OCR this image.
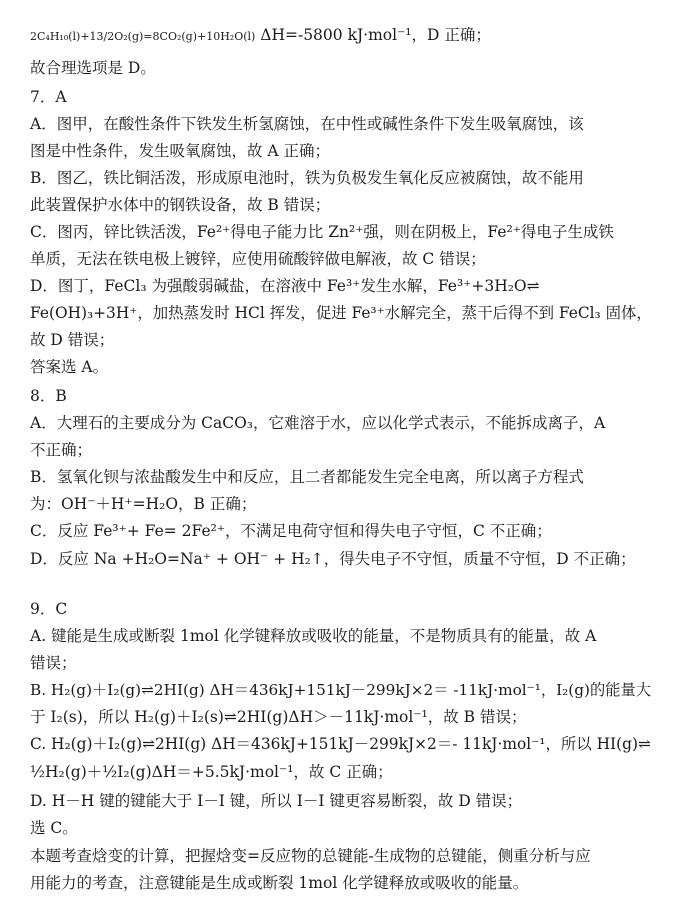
2C₄H₁₀(l)+13/2O₂(g)=8CO₂(g)+10H₂O(l) ΔH=-5800 kJ·mol⁻¹，D 正确；
故合理选项是 D。
7．A
A．图甲，在酸性条件下铁发生析氢腐蚀，在中性或碱性条件下发生吸氧腐蚀，该
图是中性条件，发生吸氧腐蚀，故 A 正确；
B．图乙，铁比铜活泼，形成原电池时，铁为负极发生氧化反应被腐蚀，故不能用
此装置保护水体中的钢铁设备，故 B 错误；
C．图丙，锌比铁活泼，Fe²⁺得电子能力比 Zn²⁺强，则在阴极上，Fe²⁺得电子生成铁
单质，无法在铁电极上镀锌，应使用硫酸锌做电解液，故 C 错误；
D．图丁，FeCl₃ 为强酸弱碱盐，在溶液中 Fe³⁺发生水解，Fe³⁺+3H₂O⇌
Fe(OH)₃+3H⁺，加热蒸发时 HCl 挥发，促进 Fe³⁺水解完全，蒸干后得不到 FeCl₃ 固体，
故 D 错误；
答案选 A。
8．B
A．大理石的主要成分为 CaCO₃，它难溶于水，应以化学式表示，不能拆成离子，A
不正确；
B．氢氧化钡与浓盐酸发生中和反应，且二者都能发生完全电离，所以离子方程式
为：OH⁻＋H⁺=H₂O，B 正确；
C．反应 Fe³⁺+ Fe= 2Fe²⁺，不满足电荷守恒和得失电子守恒，C 不正确；
D．反应 Na +H₂O=Na⁺ + OH⁻ + H₂↑，得失电子不守恒，质量不守恒，D 不正确；
9．C
A. 键能是生成或断裂 1mol 化学键释放或吸收的能量，不是物质具有的能量，故 A
错误；
B. H₂(g)＋I₂(g)⇌2HI(g) ΔH＝436kJ+151kJ－299kJ×2＝ -11kJ·mol⁻¹，I₂(g)的能量大
于 I₂(s)，所以 H₂(g)＋I₂(s)⇌2HI(g)ΔH＞－11kJ·mol⁻¹，故 B 错误；
C. H₂(g)＋I₂(g)⇌2HI(g) ΔH＝436kJ+151kJ－299kJ×2＝- 11kJ·mol⁻¹，所以 HI(g)⇌
½H₂(g)＋½I₂(g)ΔH＝+5.5kJ·mol⁻¹，故 C 正确；
D. H－H 键的键能大于 I－I 键，所以 I－I 键更容易断裂，故 D 错误；
选 C。
本题考查焓变的计算，把握焓变=反应物的总键能-生成物的总键能，侧重分析与应
用能力的考查，注意键能是生成或断裂 1mol 化学键释放或吸收的能量。
